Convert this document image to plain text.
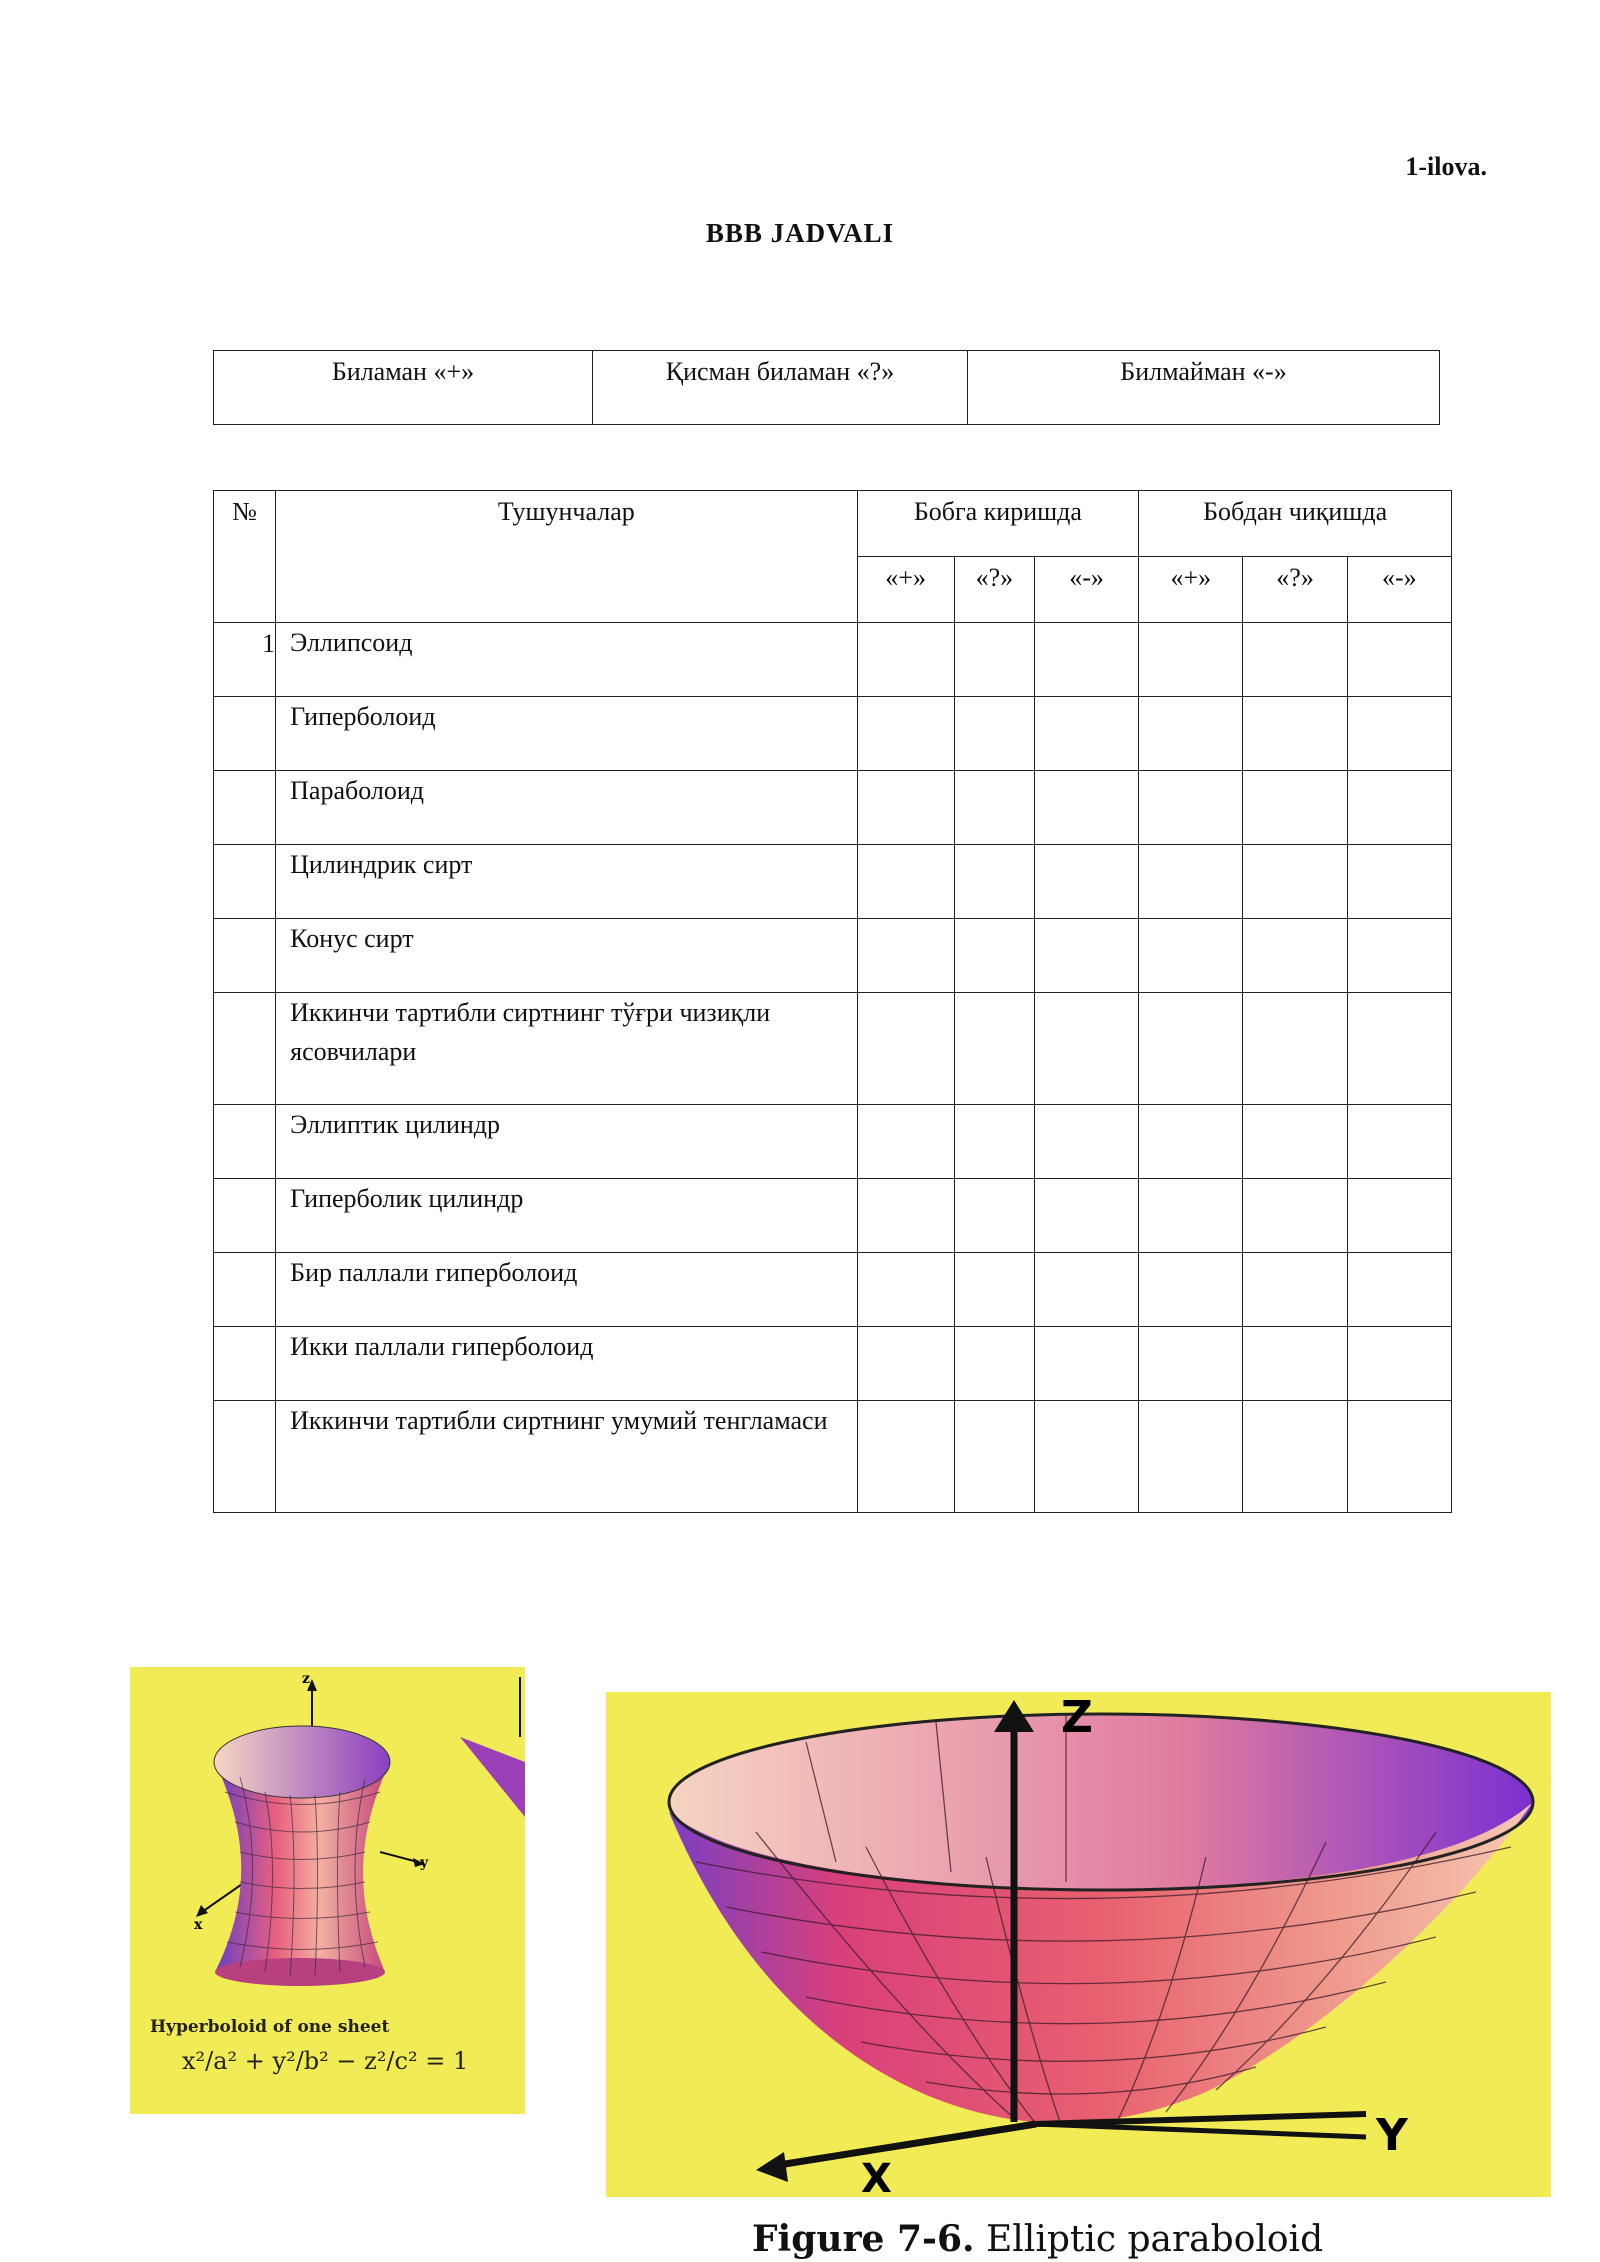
1-ilova.
BBB JADVALI
Биламан «+»	Қисман биламан «?»	Билмайман «-»
№	Тушунчалар	Бобга киришда			Бобдан чиқишда		
		«+»	«?»	«-»	«+»	«?»	«-»
1	Эллипсоид						
	Гиперболоид						
	Параболоид						
	Цилиндрик сирт						
	Конус сирт						
	Иккинчи тартибли сиртнинг тўғри чизиқли ясовчилари						
	Эллиптик цилиндр						
	Гиперболик цилиндр						
	Бир паллали гиперболоид						
	Икки паллали гиперболоид						
	Иккинчи тартибли сиртнинг умумий тенгламаси						
z
y
x
Hyperboloid of one sheet
x²/a² + y²/b² − z²/c² = 1
Z
Y
X
Figure 7-6. Elliptic paraboloid
